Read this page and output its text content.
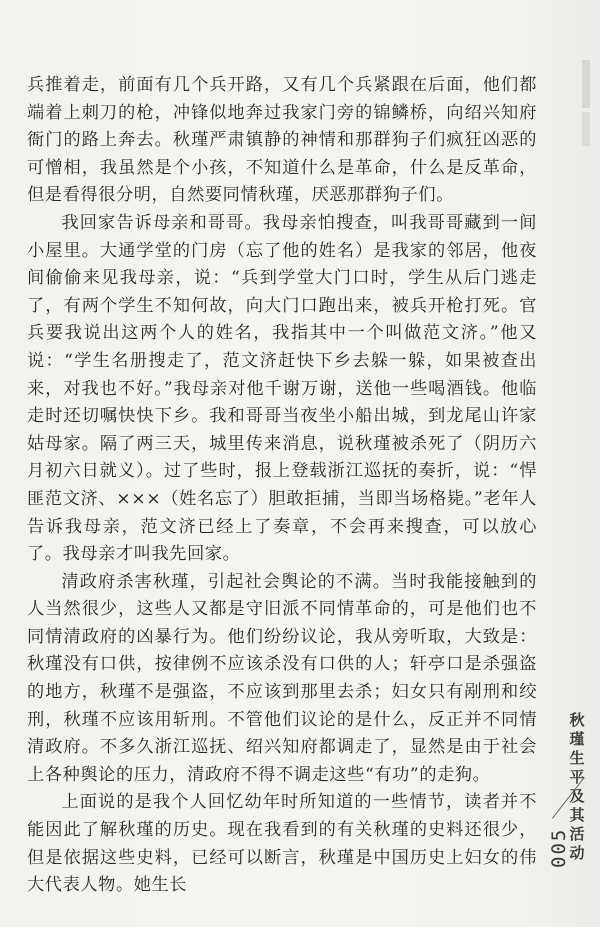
兵推着走，前面有几个兵开路，又有几个兵紧跟在后面，他们都端着上刺刀的枪，冲锋似地奔过我家门旁的锦鳞桥，向绍兴知府衙门的路上奔去。秋瑾严肃镇静的神情和那群狗子们疯狂凶恶的可憎相，我虽然是个小孩，不知道什么是革命，什么是反革命，但是看得很分明，自然要同情秋瑾，厌恶那群狗子们。

我回家告诉母亲和哥哥。我母亲怕搜查，叫我哥哥藏到一间小屋里。大通学堂的门房（忘了他的姓名）是我家的邻居，他夜间偷偷来见我母亲，说：“兵到学堂大门口时，学生从后门逃走了，有两个学生不知何故，向大门口跑出来，被兵开枪打死。官兵要我说出这两个人的姓名，我指其中一个叫做范文济。”他又说：“学生名册搜走了，范文济赶快下乡去躲一躲，如果被查出来，对我也不好。”我母亲对他千谢万谢，送他一些喝酒钱。他临走时还切嘱快快下乡。我和哥哥当夜坐小船出城，到龙尾山许家姑母家。隔了两三天，城里传来消息，说秋瑾被杀死了（阴历六月初六日就义）。过了些时，报上登载浙江巡抚的奏折，说：“悍匪范文济、×××（姓名忘了）胆敢拒捕，当即当场格毙。”老年人告诉我母亲，范文济已经上了奏章，不会再来搜查，可以放心了。我母亲才叫我先回家。

清政府杀害秋瑾，引起社会舆论的不满。当时我能接触到的人当然很少，这些人又都是守旧派不同情革命的，可是他们也不同情清政府的凶暴行为。他们纷纷议论，我从旁听取，大致是：秋瑾没有口供，按律例不应该杀没有口供的人；轩亭口是杀强盗的地方，秋瑾不是强盗，不应该到那里去杀；妇女只有剐刑和绞刑，秋瑾不应该用斩刑。不管他们议论的是什么，反正并不同情清政府。不多久浙江巡抚、绍兴知府都调走了，显然是由于社会上各种舆论的压力，清政府不得不调走这些“有功”的走狗。

上面说的是我个人回忆幼年时所知道的一些情节，读者并不能因此了解秋瑾的历史。现在我看到的有关秋瑾的史料还很少，但是依据这些史料，已经可以断言，秋瑾是中国历史上妇女的伟大代表人物。她生长

秋瑾生平及其活动
005
